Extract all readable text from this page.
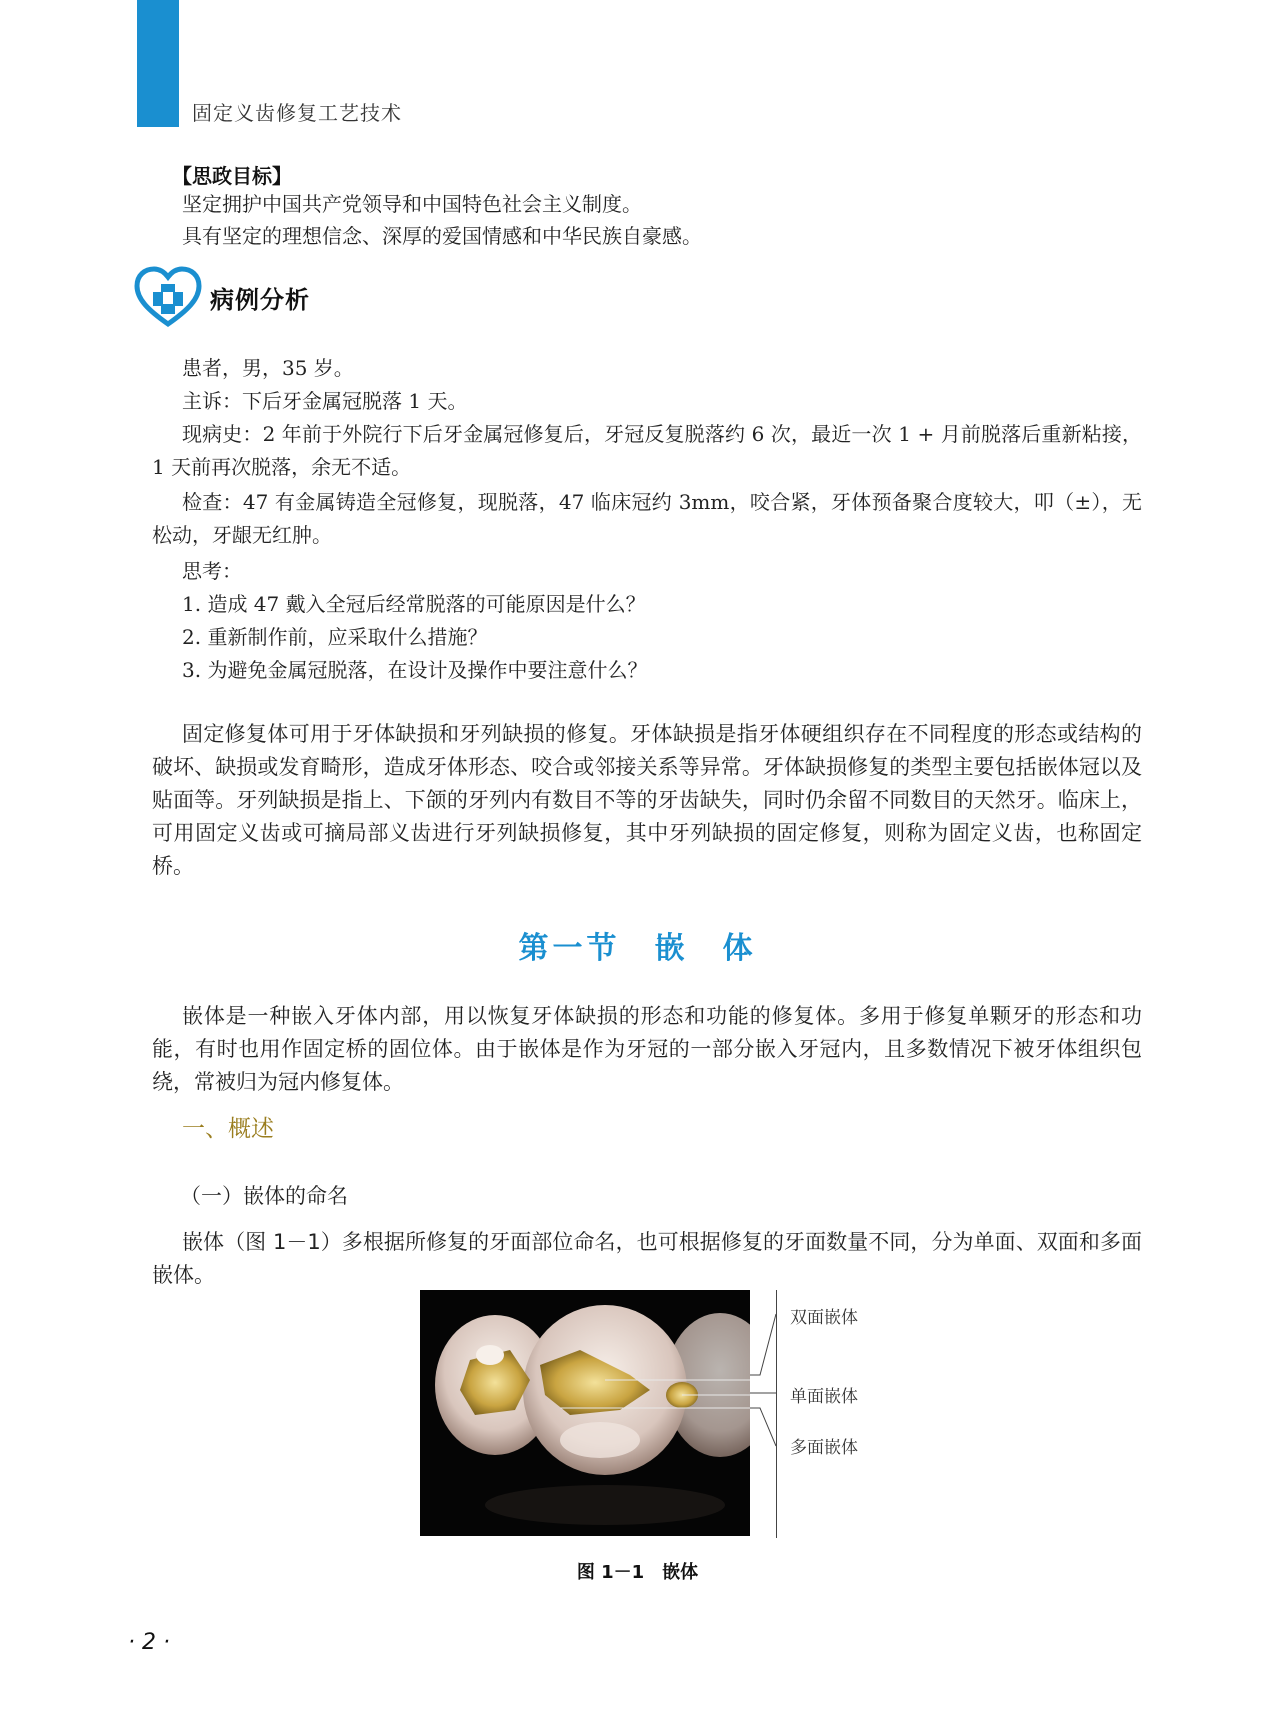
固定义齿修复工艺技术
【思政目标】

坚定拥护中国共产党领导和中国特色社会主义制度。

具有坚定的理想信念、深厚的爱国情感和中华民族自豪感。

病例分析
患者，男，35 岁。
主诉：下后牙金属冠脱落 1 天。

现病史：2 年前于外院行下后牙金属冠修复后，牙冠反复脱落约 6 次，最近一次 1 + 月前脱落后重新粘接，1 天前再次脱落，余无不适。

检查：47 有金属铸造全冠修复，现脱落，47 临床冠约 3mm，咬合紧，牙体预备聚合度较大，叩（±），无松动，牙龈无红肿。

思考：
1. 造成 47 戴入全冠后经常脱落的可能原因是什么？
2. 重新制作前，应采取什么措施？
3. 为避免金属冠脱落，在设计及操作中要注意什么？

固定修复体可用于牙体缺损和牙列缺损的修复。牙体缺损是指牙体硬组织存在不同程度的形态或结构的破坏、缺损或发育畸形，造成牙体形态、咬合或邻接关系等异常。牙体缺损修复的类型主要包括嵌体冠以及贴面等。牙列缺损是指上、下颌的牙列内有数目不等的牙齿缺失，同时仍余留不同数目的天然牙。临床上，可用固定义齿或可摘局部义齿进行牙列缺损修复，其中牙列缺损的固定修复，则称为固定义齿，也称固定桥。

第一节　嵌　体

嵌体是一种嵌入牙体内部，用以恢复牙体缺损的形态和功能的修复体。多用于修复单颗牙的形态和功能，有时也用作固定桥的固位体。由于嵌体是作为牙冠的一部分嵌入牙冠内，且多数情况下被牙体组织包绕，常被归为冠内修复体。

一、概述
（一）嵌体的命名

嵌体（图 1－1）多根据所修复的牙面部位命名，也可根据修复的牙面数量不同，分为单面、双面和多面嵌体。

双面嵌体
单面嵌体
多面嵌体
图 1－1　嵌体
· 2 ·
